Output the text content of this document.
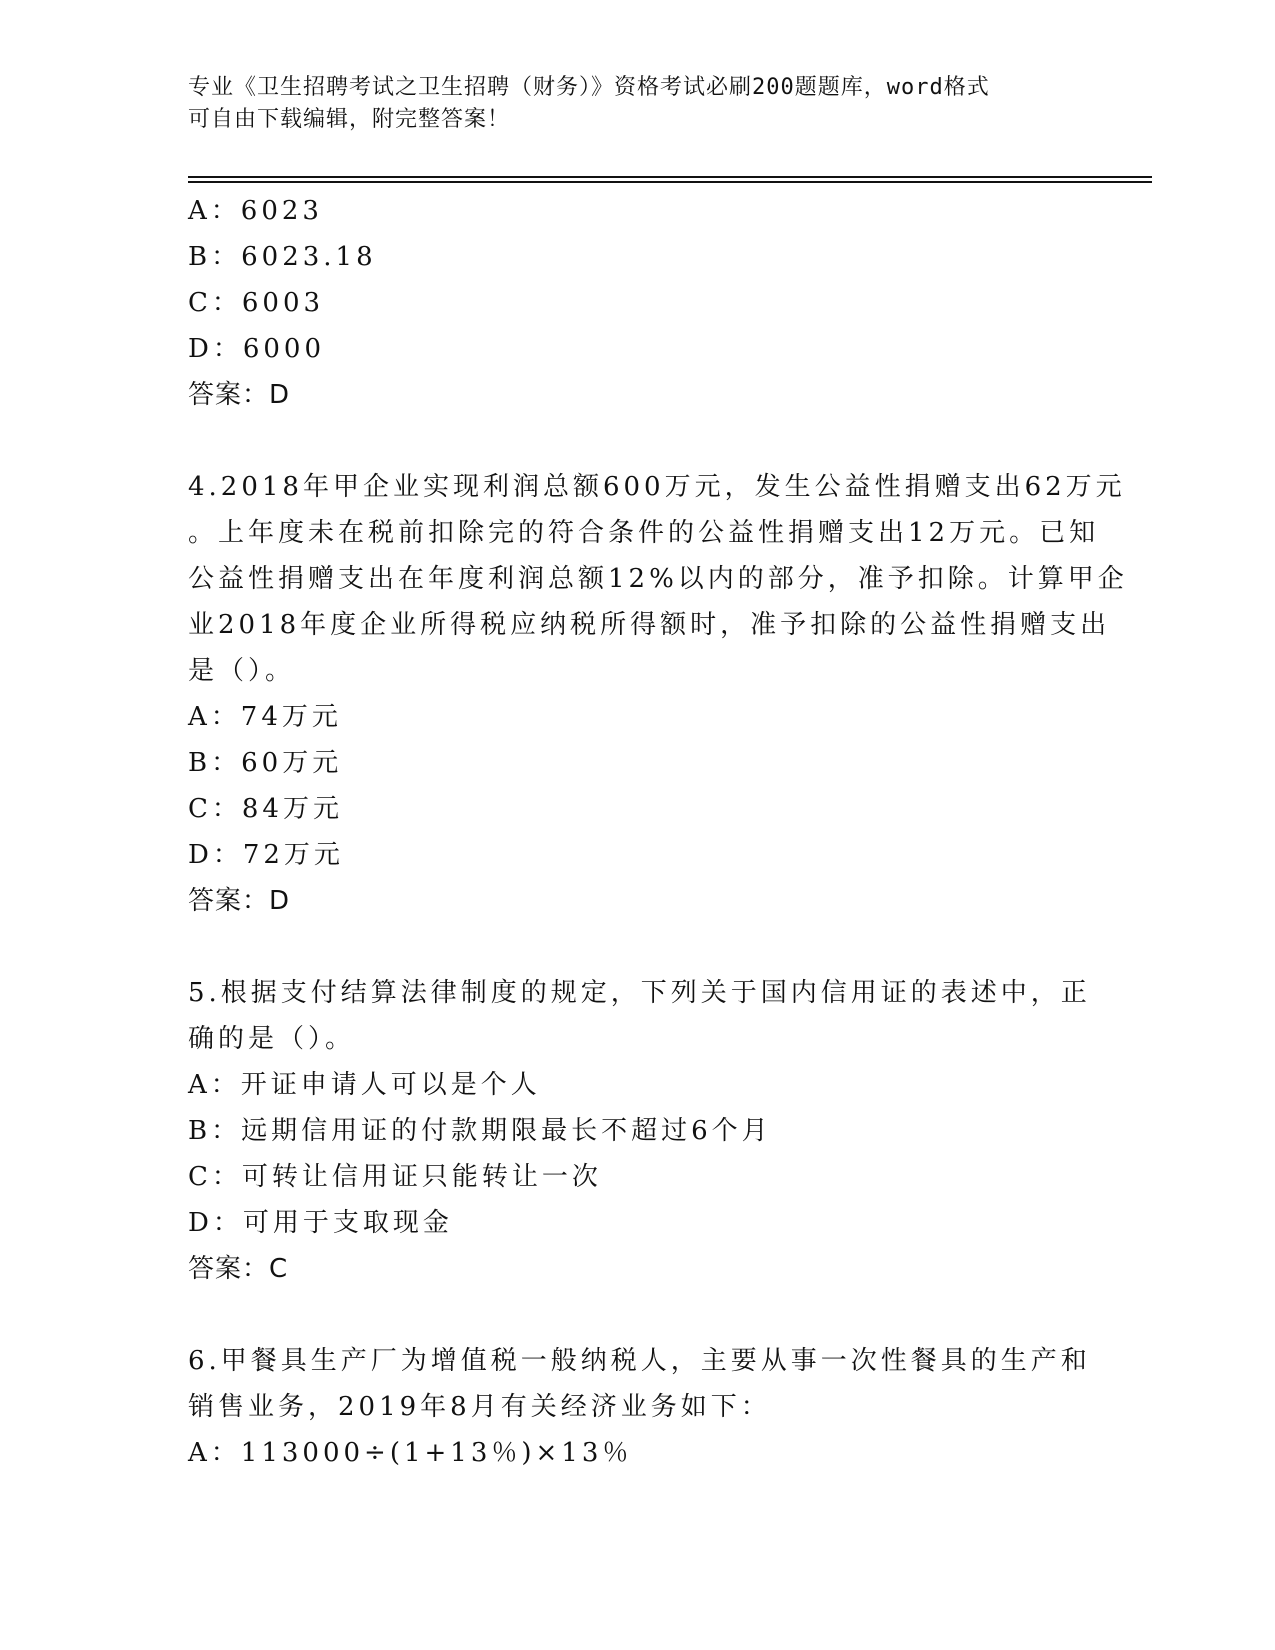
专业《卫生招聘考试之卫生招聘（财务）》资格考试必刷200题题库，word格式
可自由下载编辑，附完整答案！
A：6023
B：6023.18
C：6003
D：6000
答案：D
4.2018年甲企业实现利润总额600万元，发生公益性捐赠支出62万元
。上年度未在税前扣除完的符合条件的公益性捐赠支出12万元。已知
公益性捐赠支出在年度利润总额12%以内的部分，准予扣除。计算甲企
业2018年度企业所得税应纳税所得额时，准予扣除的公益性捐赠支出
是（）。
A：74万元
B：60万元
C：84万元
D：72万元
答案：D
5.根据支付结算法律制度的规定，下列关于国内信用证的表述中，正
确的是（）。
A：开证申请人可以是个人
B：远期信用证的付款期限最长不超过6个月
C：可转让信用证只能转让一次
D：可用于支取现金
答案：C
6.甲餐具生产厂为增值税一般纳税人，主要从事一次性餐具的生产和
销售业务，2019年8月有关经济业务如下：
A：113000÷(1+13％)×13％
